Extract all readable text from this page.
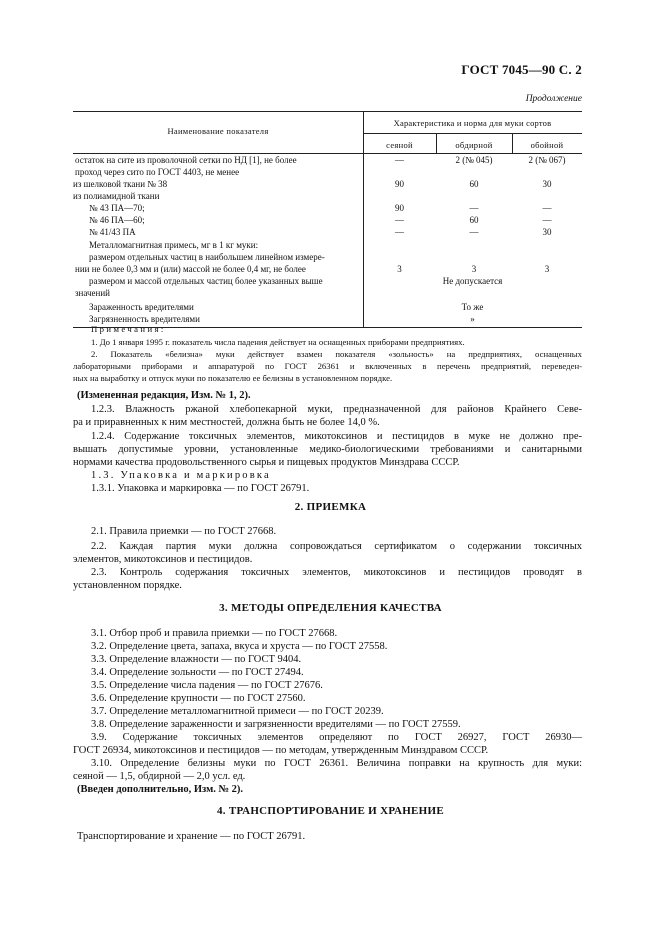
ГОСТ 7045—90 С. 2
Продолжение
Наименование показателя
Характеристика и норма для муки сортов
сеяной	обдирной	обойной
остаток на сите из проволочной сетки по НД [1], не более	—	2 (№ 045)	2 (№ 067)
проход через сито по ГОСТ 4403, не менее
из шелковой ткани № 38	90	60	30
из полиамидной ткани
№ 43 ПА—70;	90	—	—
№ 46 ПА—60;	—	60	—
№ 41/43 ПА	—	—	30
Металломагнитная примесь, мг в 1 кг муки:
размером отдельных частиц в наибольшем линейном измере-
нии не более 0,3 мм и (или) массой не более 0,4 мг, не более	3	3	3
размером и массой отдельных частиц более указанных выше	Не допускается
значений
Зараженность вредителями	То же
Загрязненность вредителями	»
Примечания:
1. До 1 января 1995 г. показатель числа падения действует на оснащенных приборами предприятиях.
2. Показатель «белизна» муки действует взамен показателя «зольность» на предприятиях, оснащенных
лабораторными приборами и аппаратурой по ГОСТ 26361 и включенных в перечень предприятий, переведен-
ных на выработку и отпуск муки по показателю ее белизны в установленном порядке.
(Измененная редакция, Изм. № 1, 2).
1.2.3. Влажность ржаной хлебопекарной муки, предназначенной для районов Крайнего Севе-
ра и приравненных к ним местностей, должна быть не более 14,0 %.
1.2.4. Содержание токсичных элементов, микотоксинов и пестицидов в муке не должно пре-
вышать допустимые уровни, установленные медико-биологическими требованиями и санитарными
нормами качества продовольственного сырья и пищевых продуктов Минздрава СССР.
1.3. Упаковка и маркировка
1.3.1. Упаковка и маркировка — по ГОСТ 26791.
2. ПРИЕМКА
2.1. Правила приемки — по ГОСТ 27668.
2.2. Каждая партия муки должна сопровождаться сертификатом о содержании токсичных
элементов, микотоксинов и пестицидов.
2.3. Контроль содержания токсичных элементов, микотоксинов и пестицидов проводят в
установленном порядке.
3. МЕТОДЫ ОПРЕДЕЛЕНИЯ КАЧЕСТВА
3.1. Отбор проб и правила приемки — по ГОСТ 27668.
3.2. Определение цвета, запаха, вкуса и хруста — по ГОСТ 27558.
3.3. Определение влажности — по ГОСТ 9404.
3.4. Определение зольности — по ГОСТ 27494.
3.5. Определение числа падения — по ГОСТ 27676.
3.6. Определение крупности — по ГОСТ 27560.
3.7. Определение металломагнитной примеси — по ГОСТ 20239.
3.8. Определение зараженности и загрязненности вредителями — по ГОСТ 27559.
3.9. Содержание токсичных элементов определяют по ГОСТ 26927, ГОСТ 26930—
ГОСТ 26934, микотоксинов и пестицидов — по методам, утвержденным Минздравом СССР.
3.10. Определение белизны муки по ГОСТ 26361. Величина поправки на крупность для муки:
сеяной — 1,5, обдирной — 2,0 усл. ед.
(Введен дополнительно, Изм. № 2).
4. ТРАНСПОРТИРОВАНИЕ И ХРАНЕНИЕ
Транспортирование и хранение — по ГОСТ 26791.
